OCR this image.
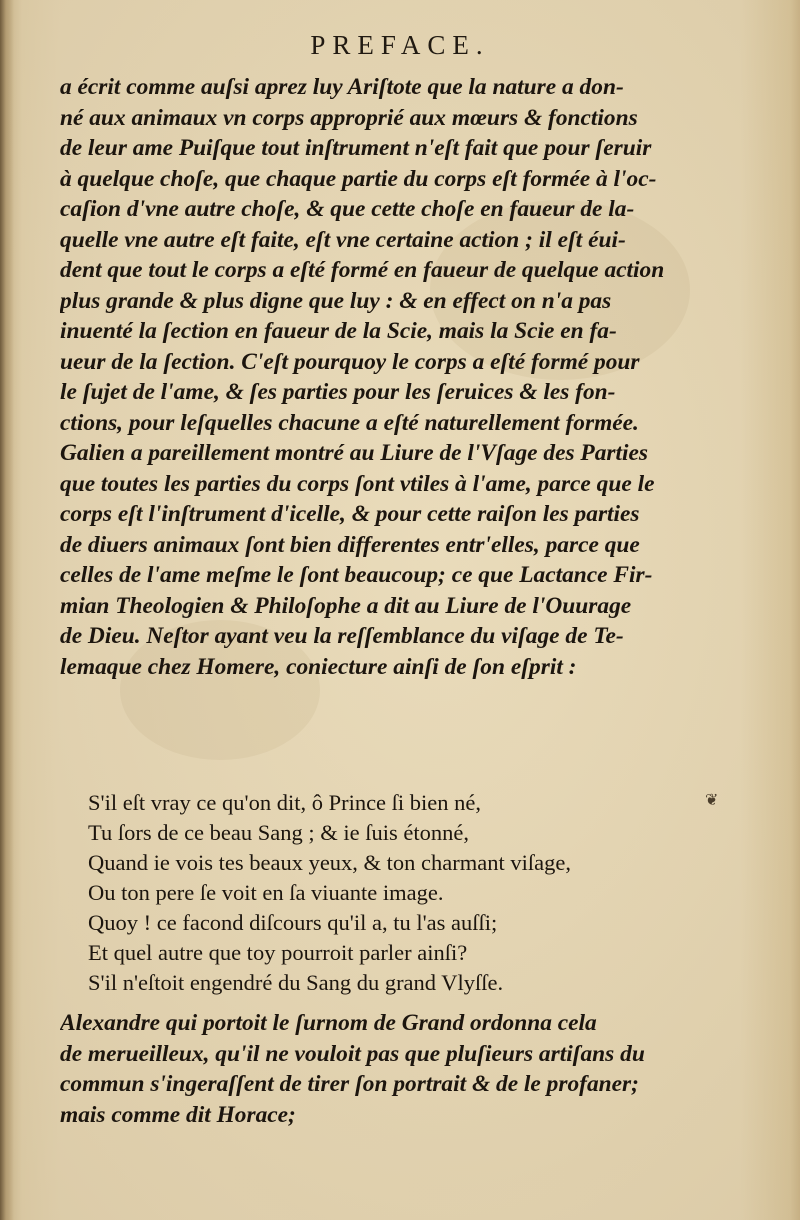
PREFACE.
a écrit comme auſsi aprez luy Ariſtote que la nature a don-
né aux animaux vn corps approprié aux mœurs & fonctions
de leur ame Puiſque tout inſtrument n'eſt fait que pour ſeruir
à quelque choſe, que chaque partie du corps eſt formée à l'oc-
caſion d'vne autre choſe, & que cette choſe en faueur de la-
quelle vne autre eſt faite, eſt vne certaine action ; il eſt éui-
dent que tout le corps a eſté formé en faueur de quelque action
plus grande & plus digne que luy : & en effect on n'a pas
inuenté la ſection en faueur de la Scie, mais la Scie en fa-
ueur de la ſection. C'eſt pourquoy le corps a eſté formé pour
le ſujet de l'ame, & ſes parties pour les ſeruices & les fon-
ctions, pour leſquelles chacune a eſté naturellement formée.
Galien a pareillement montré au Liure de l'Vſage des Parties
que toutes les parties du corps ſont vtiles à l'ame, parce que le
corps eſt l'inſtrument d'icelle, & pour cette raiſon les parties
de diuers animaux ſont bien differentes entr'elles, parce que
celles de l'ame meſme le ſont beaucoup; ce que Lactance Fir-
mian Theologien & Philoſophe a dit au Liure de l'Ouurage
de Dieu. Neſtor ayant veu la reſſemblance du viſage de Te-
lemaque chez Homere, coniecture ainſi de ſon eſprit :
S'il eſt vray ce qu'on dit, ô Prince ſi bien né,
Tu ſors de ce beau Sang ; & ie ſuis étonné,
Quand ie vois tes beaux yeux, & ton charmant viſage,
Ou ton pere ſe voit en ſa viuante image.
Quoy ! ce facond diſcours qu'il a, tu l'as auſſi;
Et quel autre que toy pourroit parler ainſi?
S'il n'eſtoit engendré du Sang du grand Vlyſſe.
❦
Alexandre qui portoit le ſurnom de Grand ordonna cela
de merueilleux, qu'il ne vouloit pas que pluſieurs artiſans du
commun s'ingeraſſent de tirer ſon portrait & de le profaner;
mais comme dit Horace;
